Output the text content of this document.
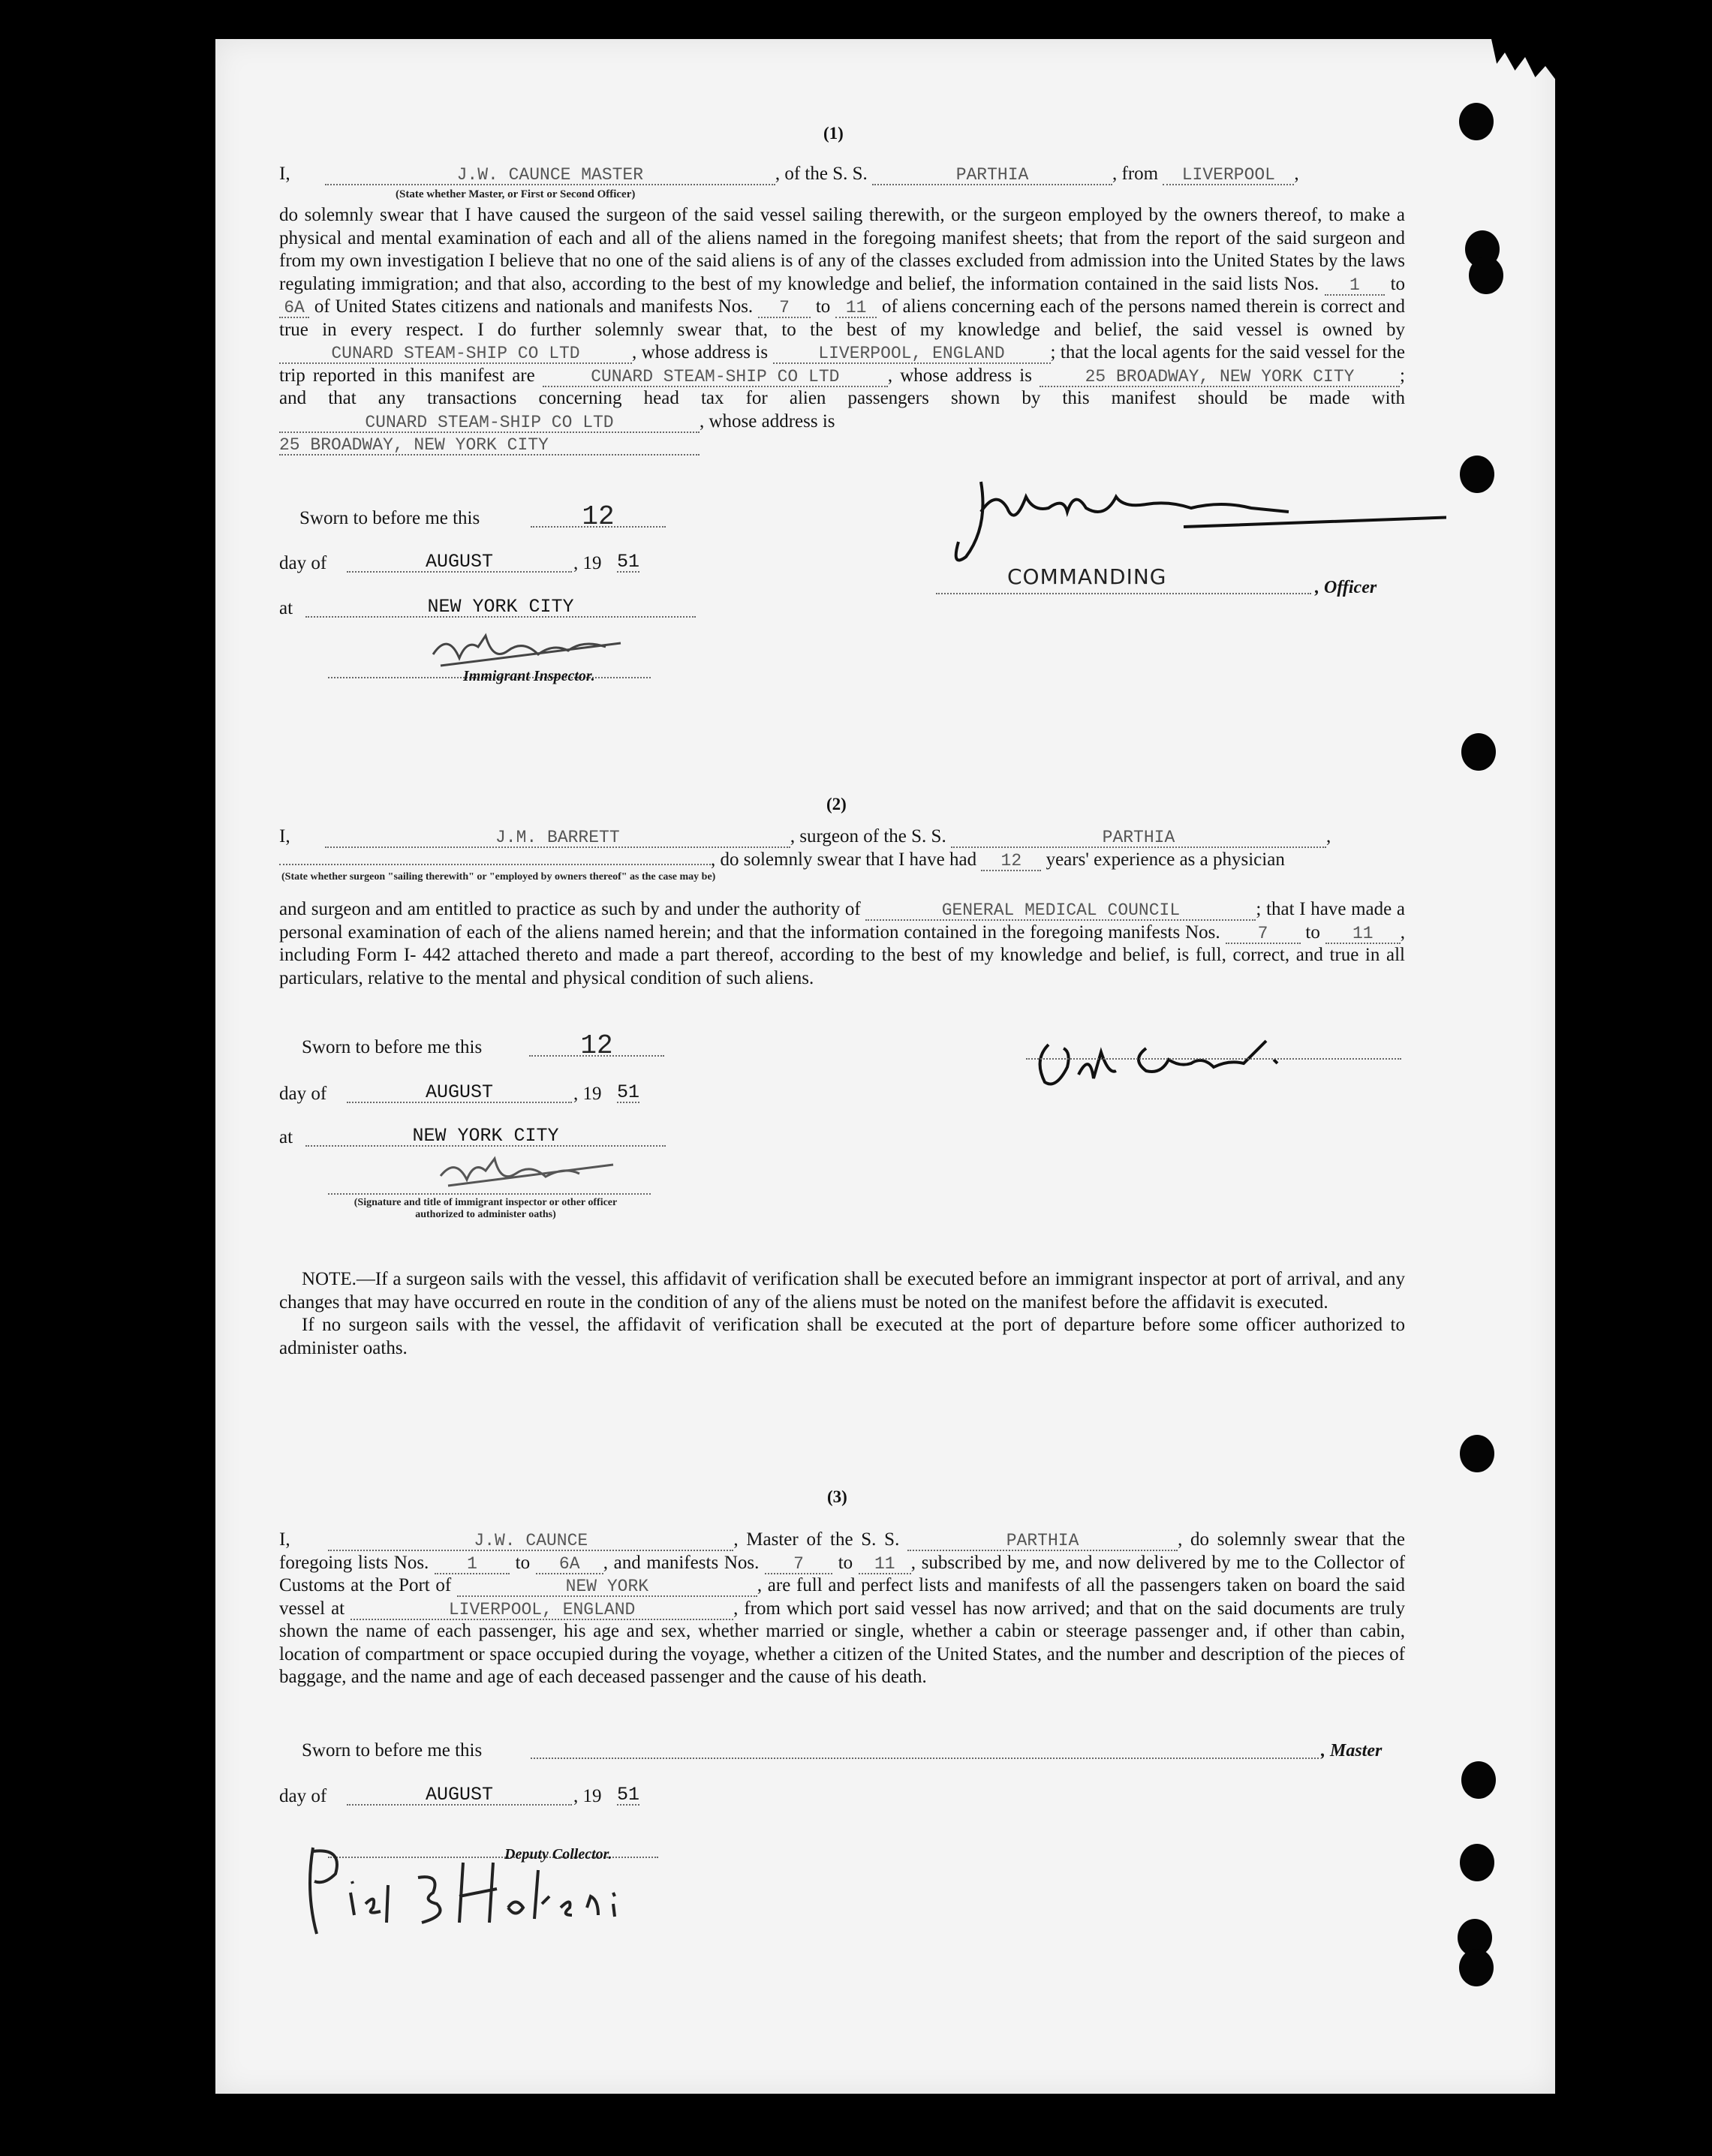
(1)

I,	J.W. CAUNCE MASTER	, of the S. S.	PARTHIA	, from LIVERPOOL ,

(State whether Master, or First or Second Officer)

do solemnly swear that I have caused the surgeon of the said vessel sailing therewith, or the surgeon employed by the owners thereof, to make a physical and mental examination of each and all of the aliens named in the foregoing manifest sheets; that from the report of the said surgeon and from my own investigation I believe that no one of the said aliens is of any of the classes excluded from admission into the United States by the laws regulating immigration; and that also, according to the best of my knowledge and belief, the information contained in the said lists Nos. 1 to 6A of United States citizens and nationals and manifests Nos. 7 to 11 of aliens concerning each of the persons named therein is correct and true in every respect. I do further solemnly swear that, to the best of my knowledge and belief, the said vessel is owned byCUNARD STEAM-SHIP CO LTD	, whose address is	LIVERPOOL, ENGLAND ; that the local agents for the said vessel for the trip reported in this manifest are	CUNARD STEAM-SHIP CO LTD	, whose address is	25 BROADWAY, NEW YORK CITY ; and that any transactions concerning head tax for alien passengers shown by this manifest should be made with CUNARD STEAM-SHIP CO LTD	, whose address is

25 BROADWAY, NEW YORK CITY

Sworn to before me this	12
day of	AUGUST	, 19 51
at	NEW YORK CITY
Immigrant Inspector.
COMMANDING	, Officer
(2)

I,	J.M. BARRETT	, surgeon of the S. S.	PARTHIA	,

, do solemnly swear that I have had 12 years' experience as a physician

(State whether surgeon "sailing therewith" or "employed by owners thereof" as the case may be)

and surgeon and am entitled to practice as such by and under the authority of	GENERAL MEDICAL COUNCIL	; that I have made a personal examination of each of the aliens named herein; and that the information contained in the foregoing manifests Nos. 7 to 11 , including Form I- 442 attached thereto and made a part thereof, according to the best of my knowledge and belief, is full, correct, and true in all particulars, relative to the mental and physical condition of such aliens.

Sworn to before me this	12
day of	AUGUST	, 19 51
at	NEW YORK CITY
(Signature and title of immigrant inspector or other officer authorized to administer oaths)

NOTE.—If a surgeon sails with the vessel, this affidavit of verification shall be executed before an immigrant inspector at port of arrival, and any changes that may have occurred en route in the condition of any of the aliens must be noted on the manifest before the affidavit is executed.

If no surgeon sails with the vessel, the affidavit of verification shall be executed at the port of departure before some officer authorized to administer oaths.

(3)

I,	J.W. CAUNCE	, Master of the S. S.	PARTHIA	, do solemnly swear that the foregoing lists Nos. 1 to 6A , and manifests Nos. 7 to 11 , subscribed by me, and now delivered by me to the Collector of Customs at the Port of	NEW YORK	, are full and perfect lists and manifests of all the passengers taken on board the said vessel at	LIVERPOOL, ENGLAND	, from which port said vessel has now arrived; and that on the said documents are truly shown the name of each passenger, his age and sex, whether married or single, whether a cabin or steerage passenger and, if other than cabin, location of compartment or space occupied during the voyage, whether a citizen of the United States, and the number and description of the pieces of baggage, and the name and age of each deceased passenger and the cause of his death.

Sworn to before me this	, Master
day of	AUGUST	, 19 51
Deputy Collector.
